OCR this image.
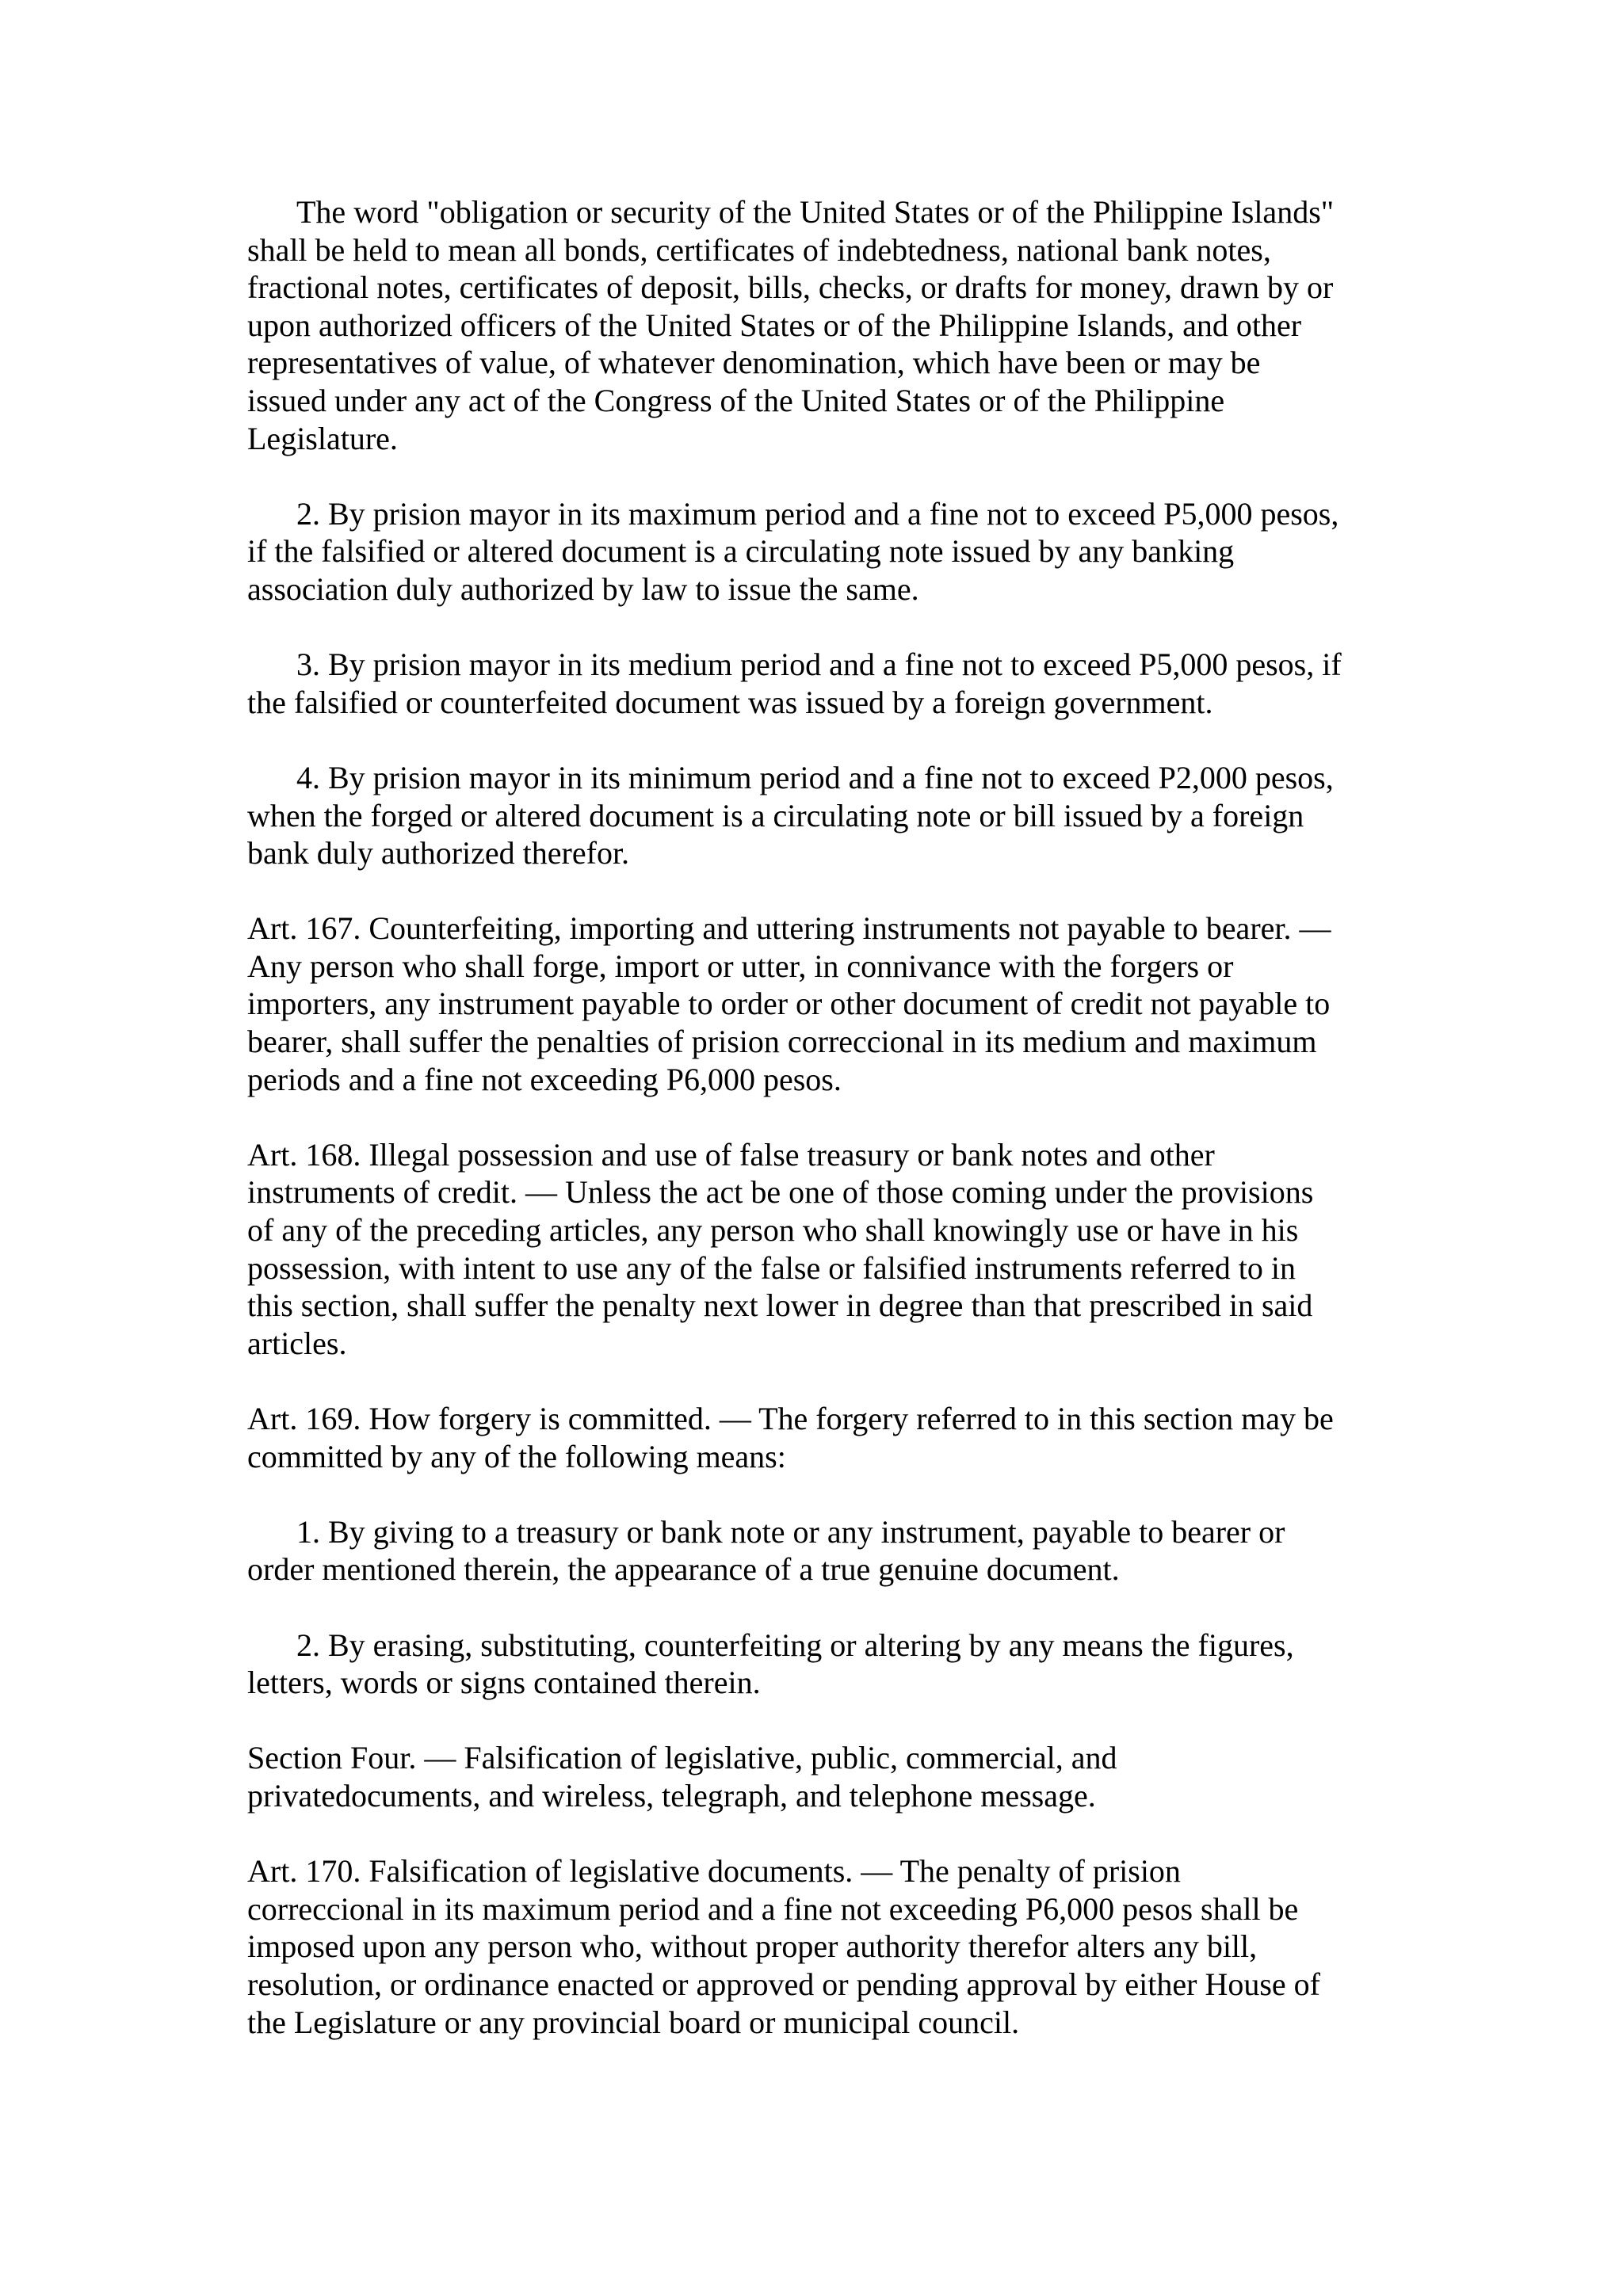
The word "obligation or security of the United States or of the Philippine Islands"
shall be held to mean all bonds, certificates of indebtedness, national bank notes,
fractional notes, certificates of deposit, bills, checks, or drafts for money, drawn by or
upon authorized officers of the United States or of the Philippine Islands, and other
representatives of value, of whatever denomination, which have been or may be
issued under any act of the Congress of the United States or of the Philippine
Legislature.

2. By prision mayor in its maximum period and a fine not to exceed P5,000 pesos,
if the falsified or altered document is a circulating note issued by any banking
association duly authorized by law to issue the same.

3. By prision mayor in its medium period and a fine not to exceed P5,000 pesos, if
the falsified or counterfeited document was issued by a foreign government.

4. By prision mayor in its minimum period and a fine not to exceed P2,000 pesos,
when the forged or altered document is a circulating note or bill issued by a foreign
bank duly authorized therefor.

Art. 167. Counterfeiting, importing and uttering instruments not payable to bearer. —
Any person who shall forge, import or utter, in connivance with the forgers or
importers, any instrument payable to order or other document of credit not payable to
bearer, shall suffer the penalties of prision correccional in its medium and maximum
periods and a fine not exceeding P6,000 pesos.

Art. 168. Illegal possession and use of false treasury or bank notes and other
instruments of credit. — Unless the act be one of those coming under the provisions
of any of the preceding articles, any person who shall knowingly use or have in his
possession, with intent to use any of the false or falsified instruments referred to in
this section, shall suffer the penalty next lower in degree than that prescribed in said
articles.

Art. 169. How forgery is committed. — The forgery referred to in this section may be
committed by any of the following means:

1. By giving to a treasury or bank note or any instrument, payable to bearer or
order mentioned therein, the appearance of a true genuine document.

2. By erasing, substituting, counterfeiting or altering by any means the figures,
letters, words or signs contained therein.

Section Four. — Falsification of legislative, public, commercial, and
privatedocuments, and wireless, telegraph, and telephone message.

Art. 170. Falsification of legislative documents. — The penalty of prision
correccional in its maximum period and a fine not exceeding P6,000 pesos shall be
imposed upon any person who, without proper authority therefor alters any bill,
resolution, or ordinance enacted or approved or pending approval by either House of
the Legislature or any provincial board or municipal council.
